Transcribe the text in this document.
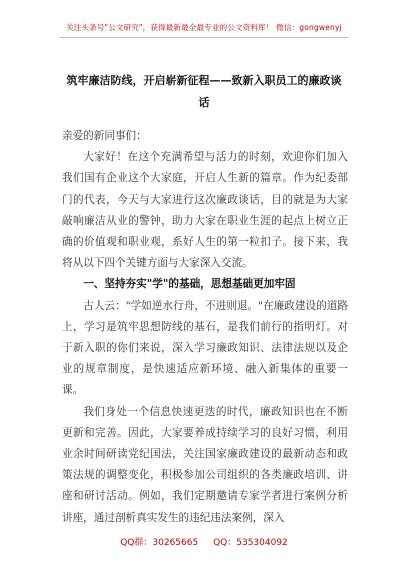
关注头条号"公文研究"，获得最新最全最专业的公文资料库！ 微信：gongwenyj
筑牢廉洁防线，开启崭新征程——致新入职员工的廉政谈
话

亲爱的新同事们：

大家好！在这个充满希望与活力的时刻，欢迎你们加入我们国有企业这个大家庭，开启人生新的篇章。作为纪委部门的代表，今天与大家进行这次廉政谈话，目的就是为大家敲响廉洁从业的警钟，助力大家在职业生涯的起点上树立正确的价值观和职业观，系好人生的第一粒扣子。接下来，我将从以下四个关键方面与大家深入交流。

一、坚持夯实"学"的基础，思想基础更加牢固

古人云："学如逆水行舟，不进则退。"在廉政建设的道路上，学习是筑牢思想防线的基石，是我们前行的指明灯。对于新入职的你们来说，深入学习廉政知识、法律法规以及企业的规章制度，是快速适应新环境、融入新集体的重要一课。

我们身处一个信息快速更迭的时代，廉政知识也在不断更新和完善。因此，大家要养成持续学习的良好习惯，利用业余时间研读党纪国法，关注国家廉政建设的最新动态和政策法规的调整变化，积极参加公司组织的各类廉政培训、讲座和研讨活动。例如，我们定期邀请专家学者进行案例分析讲座，通过剖析真实发生的违纪违法案例，深入

QQ群：30265665 QQ：535304092
